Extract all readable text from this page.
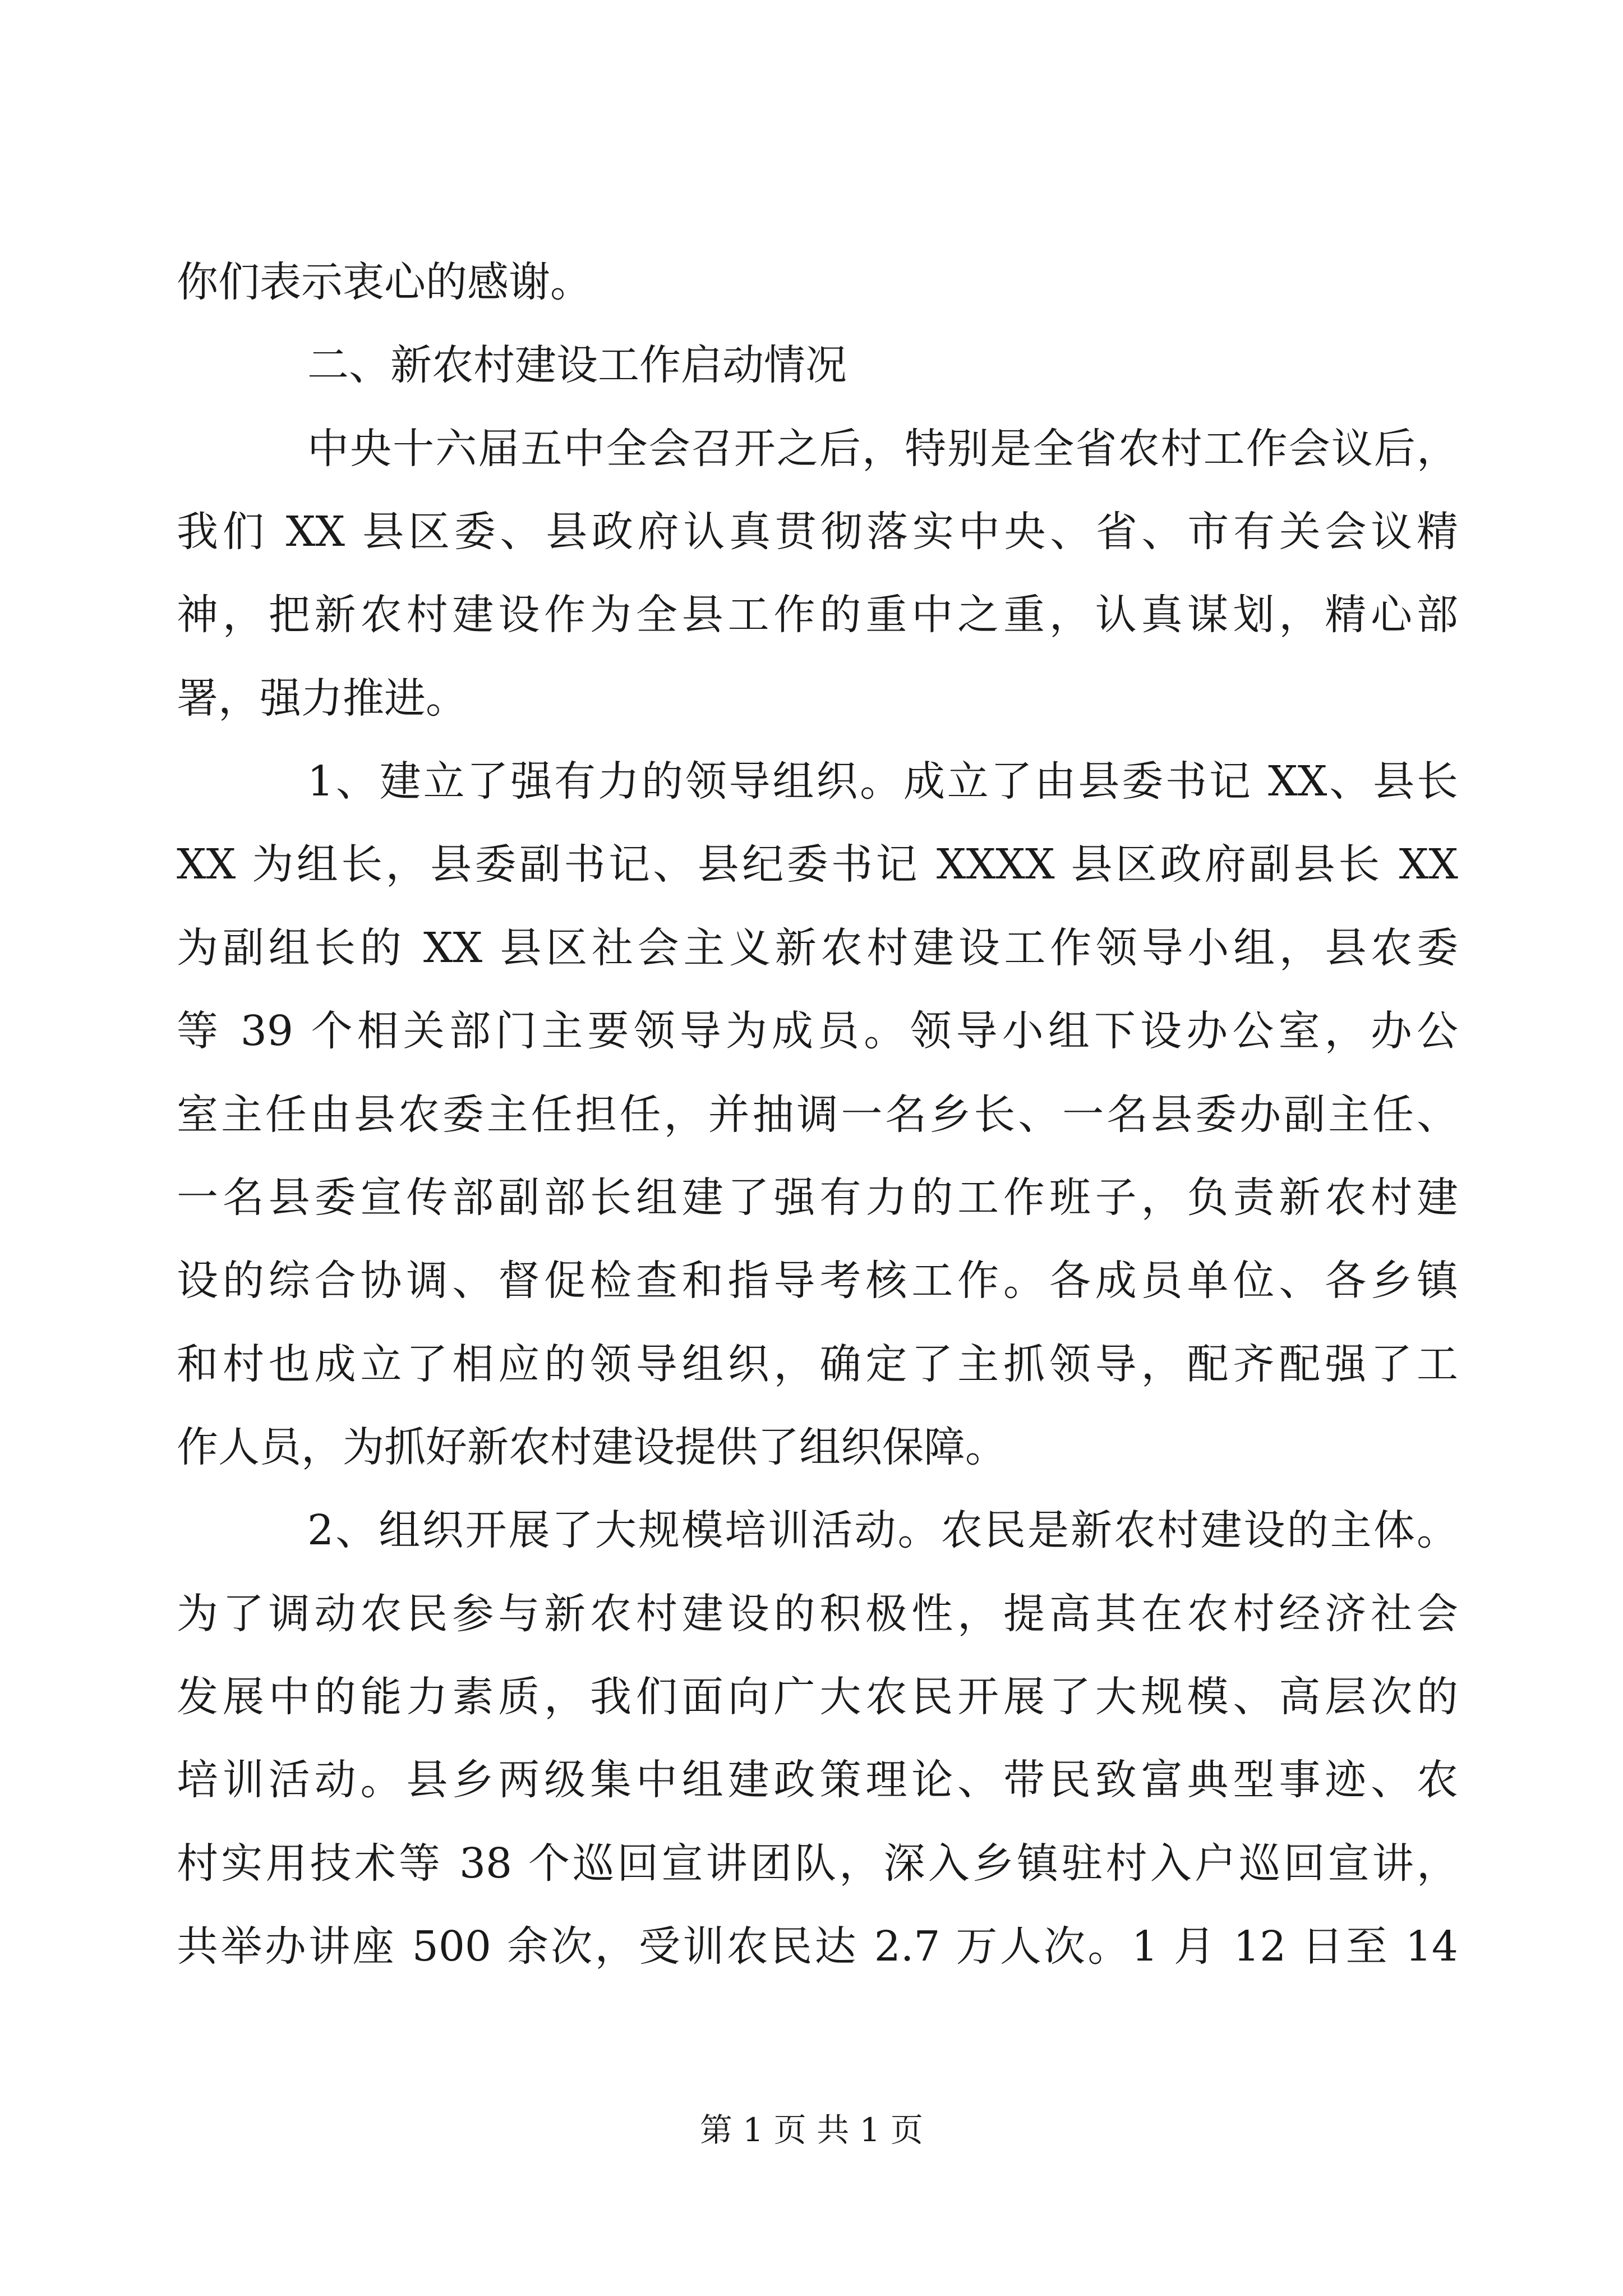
第 1 页 共 1 页
你们表示衷心的感谢。
二、新农村建设工作启动情况
中央十六届五中全会召开之后，特别是全省农村工作会议后，
我们 XX 县区委、县政府认真贯彻落实中央、省、市有关会议精
神，把新农村建设作为全县工作的重中之重，认真谋划，精心部
署，强力推进。
1、建立了强有力的领导组织。成立了由县委书记 XX、县长
XX 为组长，县委副书记、县纪委书记 XXXX 县区政府副县长 XX
为副组长的 XX 县区社会主义新农村建设工作领导小组，县农委
等 39 个相关部门主要领导为成员。领导小组下设办公室，办公
室主任由县农委主任担任，并抽调一名乡长、一名县委办副主任、
一名县委宣传部副部长组建了强有力的工作班子，负责新农村建
设的综合协调、督促检查和指导考核工作。各成员单位、各乡镇
和村也成立了相应的领导组织，确定了主抓领导，配齐配强了工
作人员，为抓好新农村建设提供了组织保障。
2、组织开展了大规模培训活动。农民是新农村建设的主体。
为了调动农民参与新农村建设的积极性，提高其在农村经济社会
发展中的能力素质，我们面向广大农民开展了大规模、高层次的
培训活动。县乡两级集中组建政策理论、带民致富典型事迹、农
村实用技术等 38 个巡回宣讲团队，深入乡镇驻村入户巡回宣讲，
共举办讲座 500 余次，受训农民达 2.7 万人次。1 月 12 日至 14
